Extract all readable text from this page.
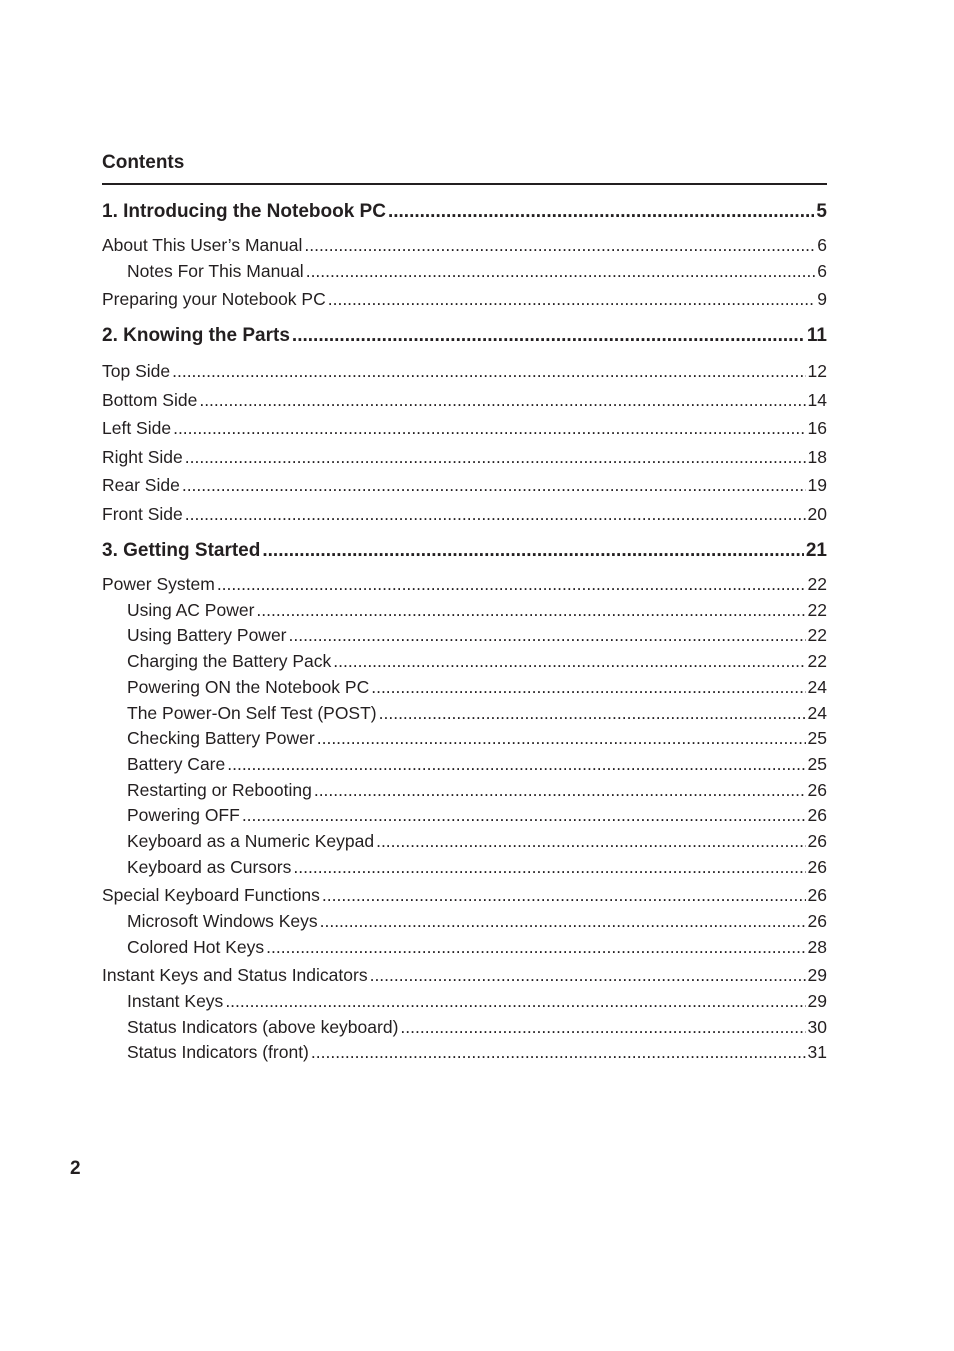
Contents
1. Introducing the Notebook PC .....	5
About This User’s Manual .....	6
Notes For This Manual .....	6
Preparing your Notebook PC .....	9
2. Knowing the Parts .....	11
Top Side .....	12
Bottom Side .....	14
Left Side .....	16
Right Side .....	18
Rear Side .....	19
Front Side .....	20
3. Getting Started .....	21
Power System .....	22
Using AC Power .....	22
Using Battery Power .....	22
Charging the Battery Pack .....	22
Powering ON the Notebook PC .....	24
The Power-On Self Test (POST) .....	24
Checking Battery Power .....	25
Battery Care .....	25
Restarting or Rebooting .....	26
Powering OFF .....	26
Keyboard as a Numeric Keypad .....	26
Keyboard as Cursors .....	26
Special Keyboard Functions .....	26
Microsoft Windows Keys .....	26
Colored Hot Keys .....	28
Instant Keys and Status Indicators .....	29
Instant Keys .....	29
Status Indicators (above keyboard) .....	30
Status Indicators (front) .....	31
2
